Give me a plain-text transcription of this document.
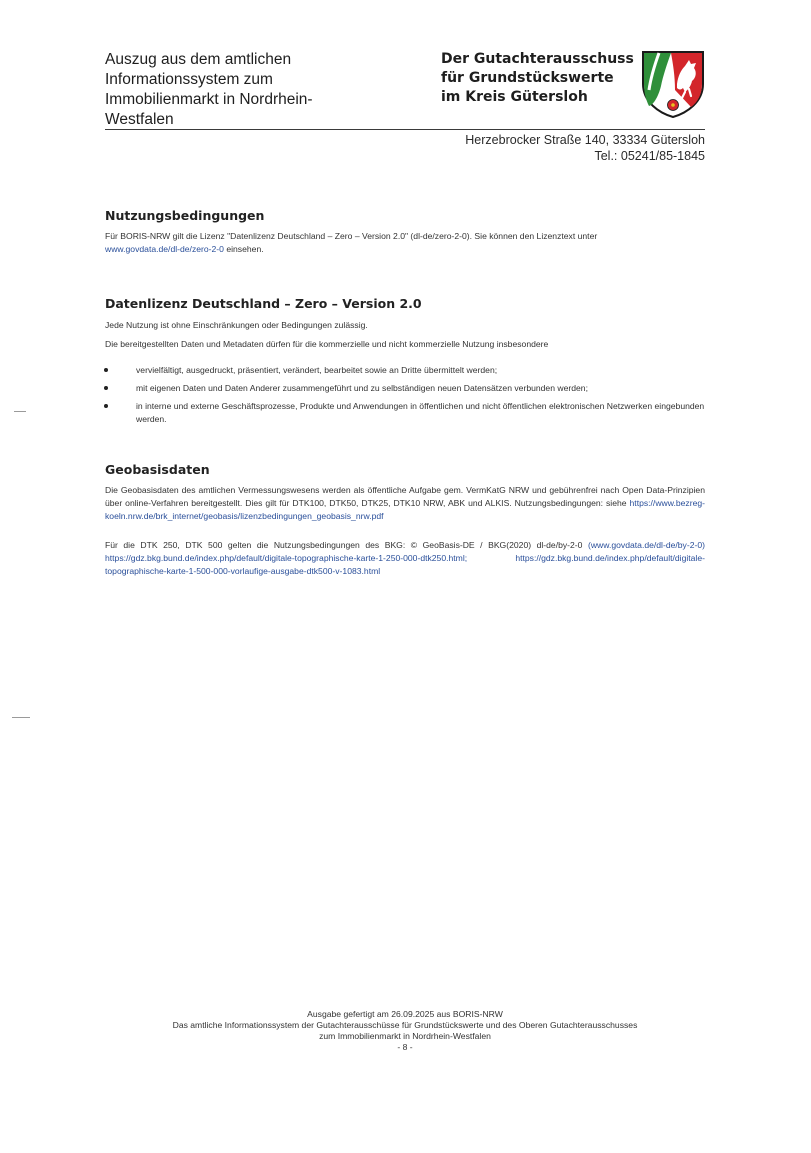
Auszug aus dem amtlichen
Informationssystem zum
Immobilienmarkt in Nordrhein-
Westfalen
Der Gutachterausschuss
für Grundstückswerte
im Kreis Gütersloh
Herzebrocker Straße 140, 33334 Gütersloh
Tel.: 05241/85-1845
Nutzungsbedingungen
Für BORIS-NRW gilt die Lizenz "Datenlizenz Deutschland – Zero – Version 2.0" (dl-de/zero-2-0). Sie können den Lizenztext unter
www.govdata.de/dl-de/zero-2-0 einsehen.
Datenlizenz Deutschland – Zero – Version 2.0
Jede Nutzung ist ohne Einschränkungen oder Bedingungen zulässig.
Die bereitgestellten Daten und Metadaten dürfen für die kommerzielle und nicht kommerzielle Nutzung insbesondere
vervielfältigt, ausgedruckt, präsentiert, verändert, bearbeitet sowie an Dritte übermittelt werden;
mit eigenen Daten und Daten Anderer zusammengeführt und zu selbständigen neuen Datensätzen verbunden werden;
in interne und externe Geschäftsprozesse, Produkte und Anwendungen in öffentlichen und nicht öffentlichen elektronischen Netzwerken eingebunden werden.
Geobasisdaten
Die Geobasisdaten des amtlichen Vermessungswesens werden als öffentliche Aufgabe gem. VermKatG NRW und gebührenfrei nach Open Data-Prinzipien über online-Verfahren bereitgestellt. Dies gilt für DTK100, DTK50, DTK25, DTK10 NRW, ABK und ALKIS. Nutzungsbedingungen: siehe https://www.bezreg-koeln.nrw.de/brk_internet/geobasis/lizenzbedingungen_geobasis_nrw.pdf
Für die DTK 250, DTK 500 gelten die Nutzungsbedingungen des BKG: © GeoBasis-DE / BKG(2020) dl-de/by-2-0 (www.govdata.de/dl-de/by-2-0) https://gdz.bkg.bund.de/index.php/default/digitale-topographische-karte-1-250-000-dtk250.html;	https://gdz.bkg.bund.de/index.php/default/digitale-topographische-karte-1-500-000-vorlaufige-ausgabe-dtk500-v-1083.html
Ausgabe gefertigt am 26.09.2025 aus BORIS-NRW
Das amtliche Informationssystem der Gutachterausschüsse für Grundstückswerte und des Oberen Gutachterausschusses
zum Immobilienmarkt in Nordrhein-Westfalen
- 8 -
